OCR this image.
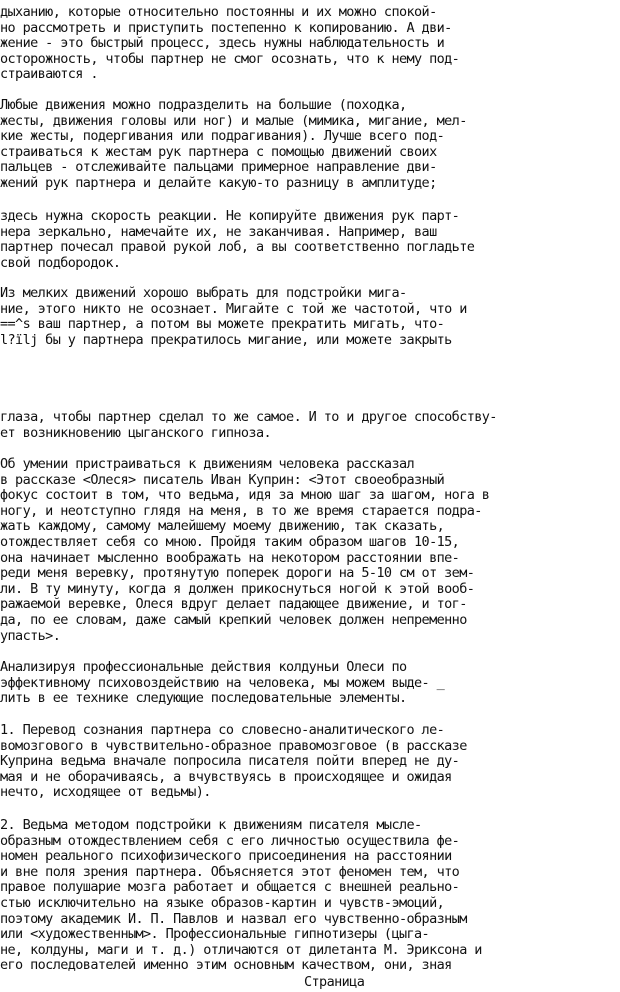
дыханию, которые относительно постоянны и их можно спокой-
но рассмотреть и приступить постепенно к копированию. А дви-
жение - это быстрый процесс, здесь нужны наблюдательность и
осторожность, чтобы партнер не смог осознать, что к нему под-
страиваются .
Любые движения можно подразделить на большие (походка,
жесты, движения головы или ног) и малые (мимика, мигание, мел-
кие жесты, подергивания или подрагивания). Лучше всего под-
страиваться к жестам рук партнера с помощью движений своих
пальцев - отслеживайте пальцами примерное направление дви-
жений рук партнера и делайте какую-то разницу в амплитуде;
здесь нужна скорость реакции. Не копируйте движения рук парт-
нера зеркально, намечайте их, не заканчивая. Например, ваш
партнер почесал правой рукой лоб, а вы соответственно погладьте
свой подбородок.
Из мелких движений хорошо выбрать для подстройки мига-
ние, этого никто не осознает. Мигайте с той же частотой, что и
==^s ваш партнер, а потом вы можете прекратить мигать, что-
l?їlj бы у партнера прекратилось мигание, или можете закрыть
глаза, чтобы партнер сделал то же самое. И то и другое способству-
ет возникновению цыганского гипноза.
Об умении пристраиваться к движениям человека рассказал
в рассказе <Олеся> писатель Иван Куприн: <Этот своеобразный
фокус состоит в том, что ведьма, идя за мною шаг за шагом, нога в
ногу, и неотступно глядя на меня, в то же время старается подра-
жать каждому, самому малейшему моему движению, так сказать,
отождествляет себя со мною. Пройдя таким образом шагов 10-15,
она начинает мысленно воображать на некотором расстоянии впе-
реди меня веревку, протянутую поперек дороги на 5-10 см от зем-
ли. В ту минуту, когда я должен прикоснуться ногой к этой вооб-
ражаемой веревке, Олеся вдруг делает падающее движение, и тог-
да, по ее словам, даже самый крепкий человек должен непременно
упасть>.
Анализируя профессиональные действия колдуньи Олеси по
эффективному психовоздействию на человека, мы можем выде- _
лить в ее технике следующие последовательные элементы.
1. Перевод сознания партнера со словесно-аналитического ле-
вомозгового в чувствительно-образное правомозговое (в рассказе
Куприна ведьма вначале попросила писателя пойти вперед не ду-
мая и не оборачиваясь, а вчувствуясь в происходящее и ожидая
нечто, исходящее от ведьмы).
2. Ведьма методом подстройки к движениям писателя мысле-
образным отождествлением себя с его личностью осуществила фе-
номен реального психофизического присоединения на расстоянии
и вне поля зрения партнера. Объясняется этот феномен тем, что
правое полушарие мозга работает и общается с внешней реально-
стью исключительно на языке образов-картин и чувств-эмоций,
поэтому академик И. П. Павлов и назвал его чувственно-образным
или <художественным>. Профессиональные гипнотизеры (цыга-
не, колдуны, маги и т. д.) отличаются от дилетанта М. Эриксона и
его последователей именно этим основным качеством, они, зная
Страница
